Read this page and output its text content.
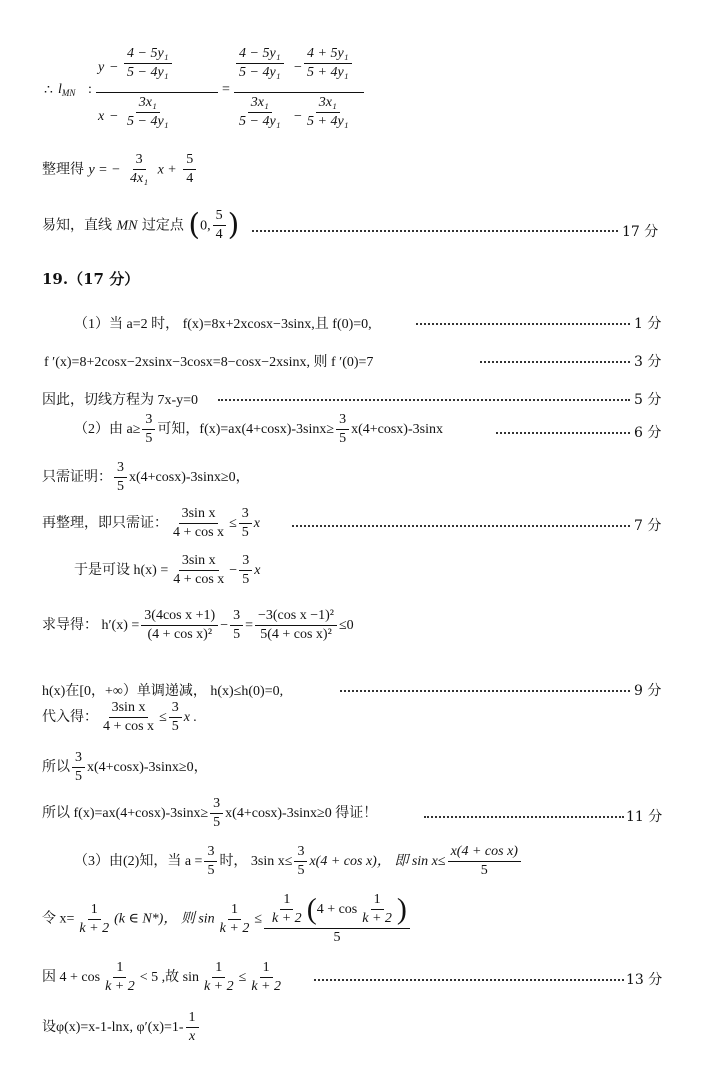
∴ $l_{MN}$ :
$y - \frac{\text{4 − 5y₁}}{\text{5 − 4y₁}}$
$x - \frac{\text{3x₁}}{\text{5 − 4y₁}}$
=
$\frac{\text{4 − 5y₁}}{\text{5 − 4y₁}} - \frac{\text{4 + 5y₁}}{\text{5 + 4y₁}}$
$\frac{\text{3x₁}}{\text{5 − 4y₁}} - \frac{\text{3x₁}}{\text{5 + 4y₁}}$
整理得 y = − $\frac{3}{\text{4x₁}}$ $x + \frac{5}{4}$
易知，直线 MN 过定点 (0, $\frac{5}{4}$ )	17 分
19.（17 分）
（1）当 a=2 时， f(x)=8x+2xcosx−3sinx,且 f(0)=0,	1 分
f ′(x)=8+2cosx−2xsinx−3cosx=8−cosx−2xsinx, 则 f ′(0)=7	3 分
因此，切线方程为 7x-y=0	5 分
（2）由 $a\ge \frac{3}{5}$ 可知，$f(x)=ax(4+\cos x)-3\sin x\ge \frac{3}{5} x(4+\cos x)-3\sin x$	6 分
只需证明： $\frac{3}{5} x(4+\cos x)-3\sin x\ge 0$，
再整理，即只需证： $\frac{\text{3sin x}}{\text{4 + cos x}} \le \frac{3}{5}$ x	7 分
于是可设 $h(x) = \frac{\text{3sin x}}{\text{4 + cos x}} - \frac{3}{5}$ x
求导得： $h'(x) = \frac{\text{3(4cos x +1)}}{\text{(4 + cos x)²}} - \frac{3}{5} = \frac{\text{−3(cos x −1)²}}{\text{5(4 + cos x)²}} \le 0$
h(x)在[0，+∞）单调递减， h(x)≤h(0)=0,	9 分
代入得： $\frac{\text{3sin x}}{\text{4 + cos x}} \le \frac{3}{5}$ x .
所以 $\frac{3}{5} x(4+\cos x)-3\sin x\ge 0$，
所以 $f(x)=ax(4+\cos x)-3\sin x\ge \frac{3}{5} x(4+\cos x)-3\sin x\ge 0$ 得证！	11 分
（3）由(2)知，当 $a = \frac{3}{5}$ 时， 3sin $x\le \frac{3}{5} x(4 + \cos x)$， 即 $\sin x\le \frac{\text{x(4 + cos x)}}{5}$
令 $x= \frac{1}{k + 2} (k$ ∈ N*)， 则 $\sin \frac{1}{k + 2} \le \frac{\frac{1}{k + 2} (4 + \cos \frac{1}{k + 2} )}{5}$
因 $4 + \cos \frac{1}{k + 2} < 5$ ,故 $\sin \frac{1}{k + 2} \le \frac{1}{k + 2}$	13 分
设φ(x)=x-1-lnx, $\varphi'(x)=1- \frac{1}{x}$
